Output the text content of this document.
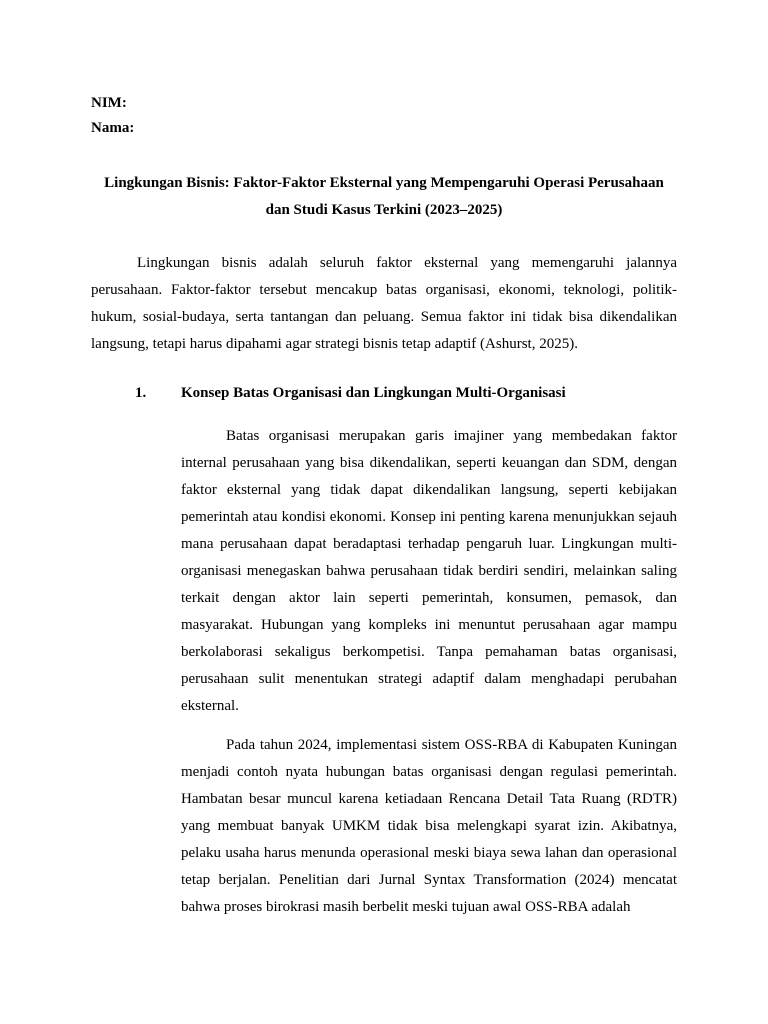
NIM:
Nama:
Lingkungan Bisnis: Faktor-Faktor Eksternal yang Mempengaruhi Operasi Perusahaan
dan Studi Kasus Terkini (2023–2025)

Lingkungan bisnis adalah seluruh faktor eksternal yang memengaruhi jalannya perusahaan. Faktor-faktor tersebut mencakup batas organisasi, ekonomi, teknologi, politik-hukum, sosial-budaya, serta tantangan dan peluang. Semua faktor ini tidak bisa dikendalikan langsung, tetapi harus dipahami agar strategi bisnis tetap adaptif (Ashurst, 2025).

1. Konsep Batas Organisasi dan Lingkungan Multi-Organisasi

Batas organisasi merupakan garis imajiner yang membedakan faktor internal perusahaan yang bisa dikendalikan, seperti keuangan dan SDM, dengan faktor eksternal yang tidak dapat dikendalikan langsung, seperti kebijakan pemerintah atau kondisi ekonomi. Konsep ini penting karena menunjukkan sejauh mana perusahaan dapat beradaptasi terhadap pengaruh luar. Lingkungan multi-organisasi menegaskan bahwa perusahaan tidak berdiri sendiri, melainkan saling terkait dengan aktor lain seperti pemerintah, konsumen, pemasok, dan masyarakat. Hubungan yang kompleks ini menuntut perusahaan agar mampu berkolaborasi sekaligus berkompetisi. Tanpa pemahaman batas organisasi, perusahaan sulit menentukan strategi adaptif dalam menghadapi perubahan eksternal.

Pada tahun 2024, implementasi sistem OSS-RBA di Kabupaten Kuningan menjadi contoh nyata hubungan batas organisasi dengan regulasi pemerintah. Hambatan besar muncul karena ketiadaan Rencana Detail Tata Ruang (RDTR) yang membuat banyak UMKM tidak bisa melengkapi syarat izin. Akibatnya, pelaku usaha harus menunda operasional meski biaya sewa lahan dan operasional tetap berjalan. Penelitian dari Jurnal Syntax Transformation (2024) mencatat bahwa proses birokrasi masih berbelit meski tujuan awal OSS-RBA adalah
